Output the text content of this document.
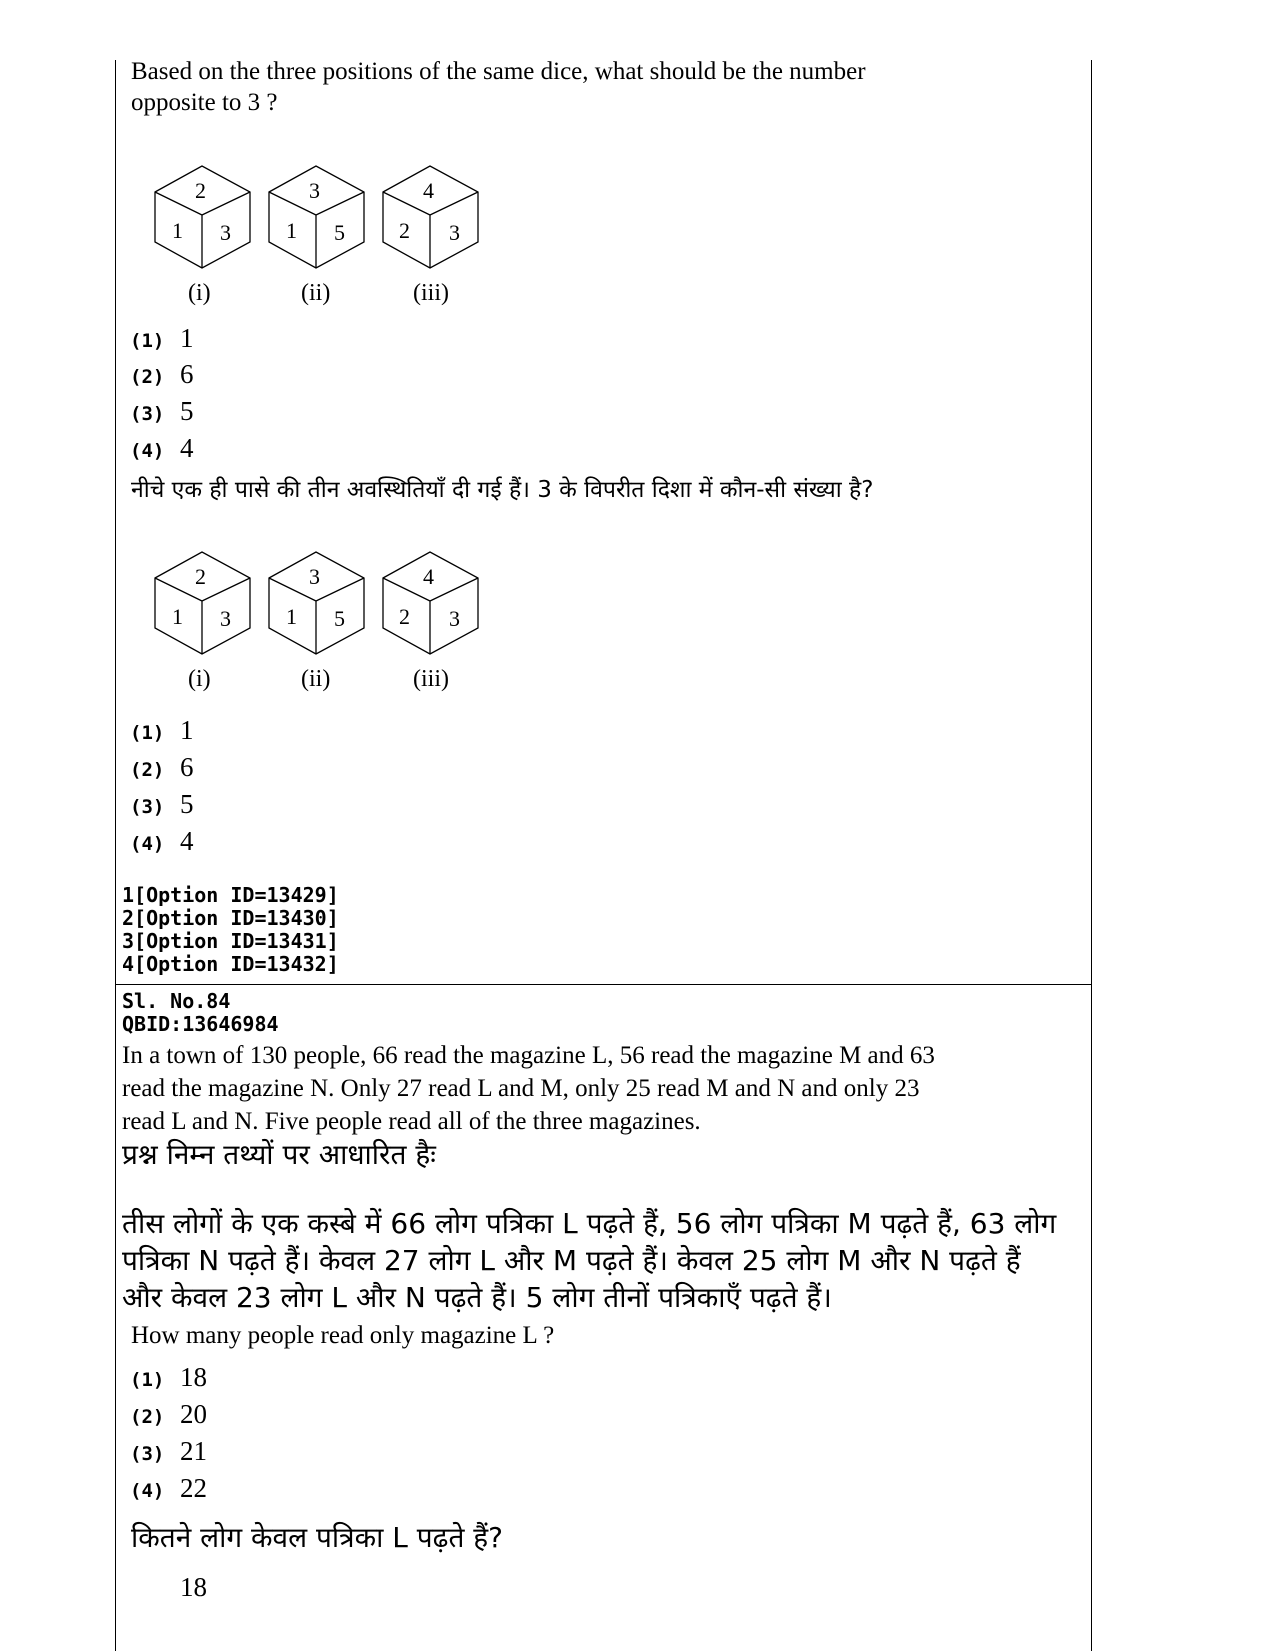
Based on the three positions of the same dice, what should be the number
opposite to 3 ?
2
1 3
3
1 5
4
2 3
(i)	(ii)	(iii)
(1) 1
(2) 6
(3) 5
(4) 4
नीचे एक ही पासे की तीन अवस्थितियाँ दी गई हैं। 3 के विपरीत दिशा में कौन-सी संख्या है?
2
1 3
3
1 5
4
2 3
(i)	(ii)	(iii)
(1) 1
(2) 6
(3) 5
(4) 4
1[Option ID=13429]
2[Option ID=13430]
3[Option ID=13431]
4[Option ID=13432]
Sl. No.84
QBID:13646984
In a town of 130 people, 66 read the magazine L, 56 read the magazine M and 63
read the magazine N. Only 27 read L and M, only 25 read M and N and only 23
read L and N. Five people read all of the three magazines.
प्रश्न निम्न तथ्यों पर आधारित हैः
तीस लोगों के एक कस्बे में 66 लोग पत्रिका L पढ़ते हैं, 56 लोग पत्रिका M पढ़ते हैं, 63 लोग
पत्रिका N पढ़ते हैं। केवल 27 लोग L और M पढ़ते हैं। केवल 25 लोग M और N पढ़ते हैं
और केवल 23 लोग L और N पढ़ते हैं। 5 लोग तीनों पत्रिकाएँ पढ़ते हैं।
How many people read only magazine L ?
(1) 18
(2) 20
(3) 21
(4) 22
कितने लोग केवल पत्रिका L पढ़ते हैं?
18
